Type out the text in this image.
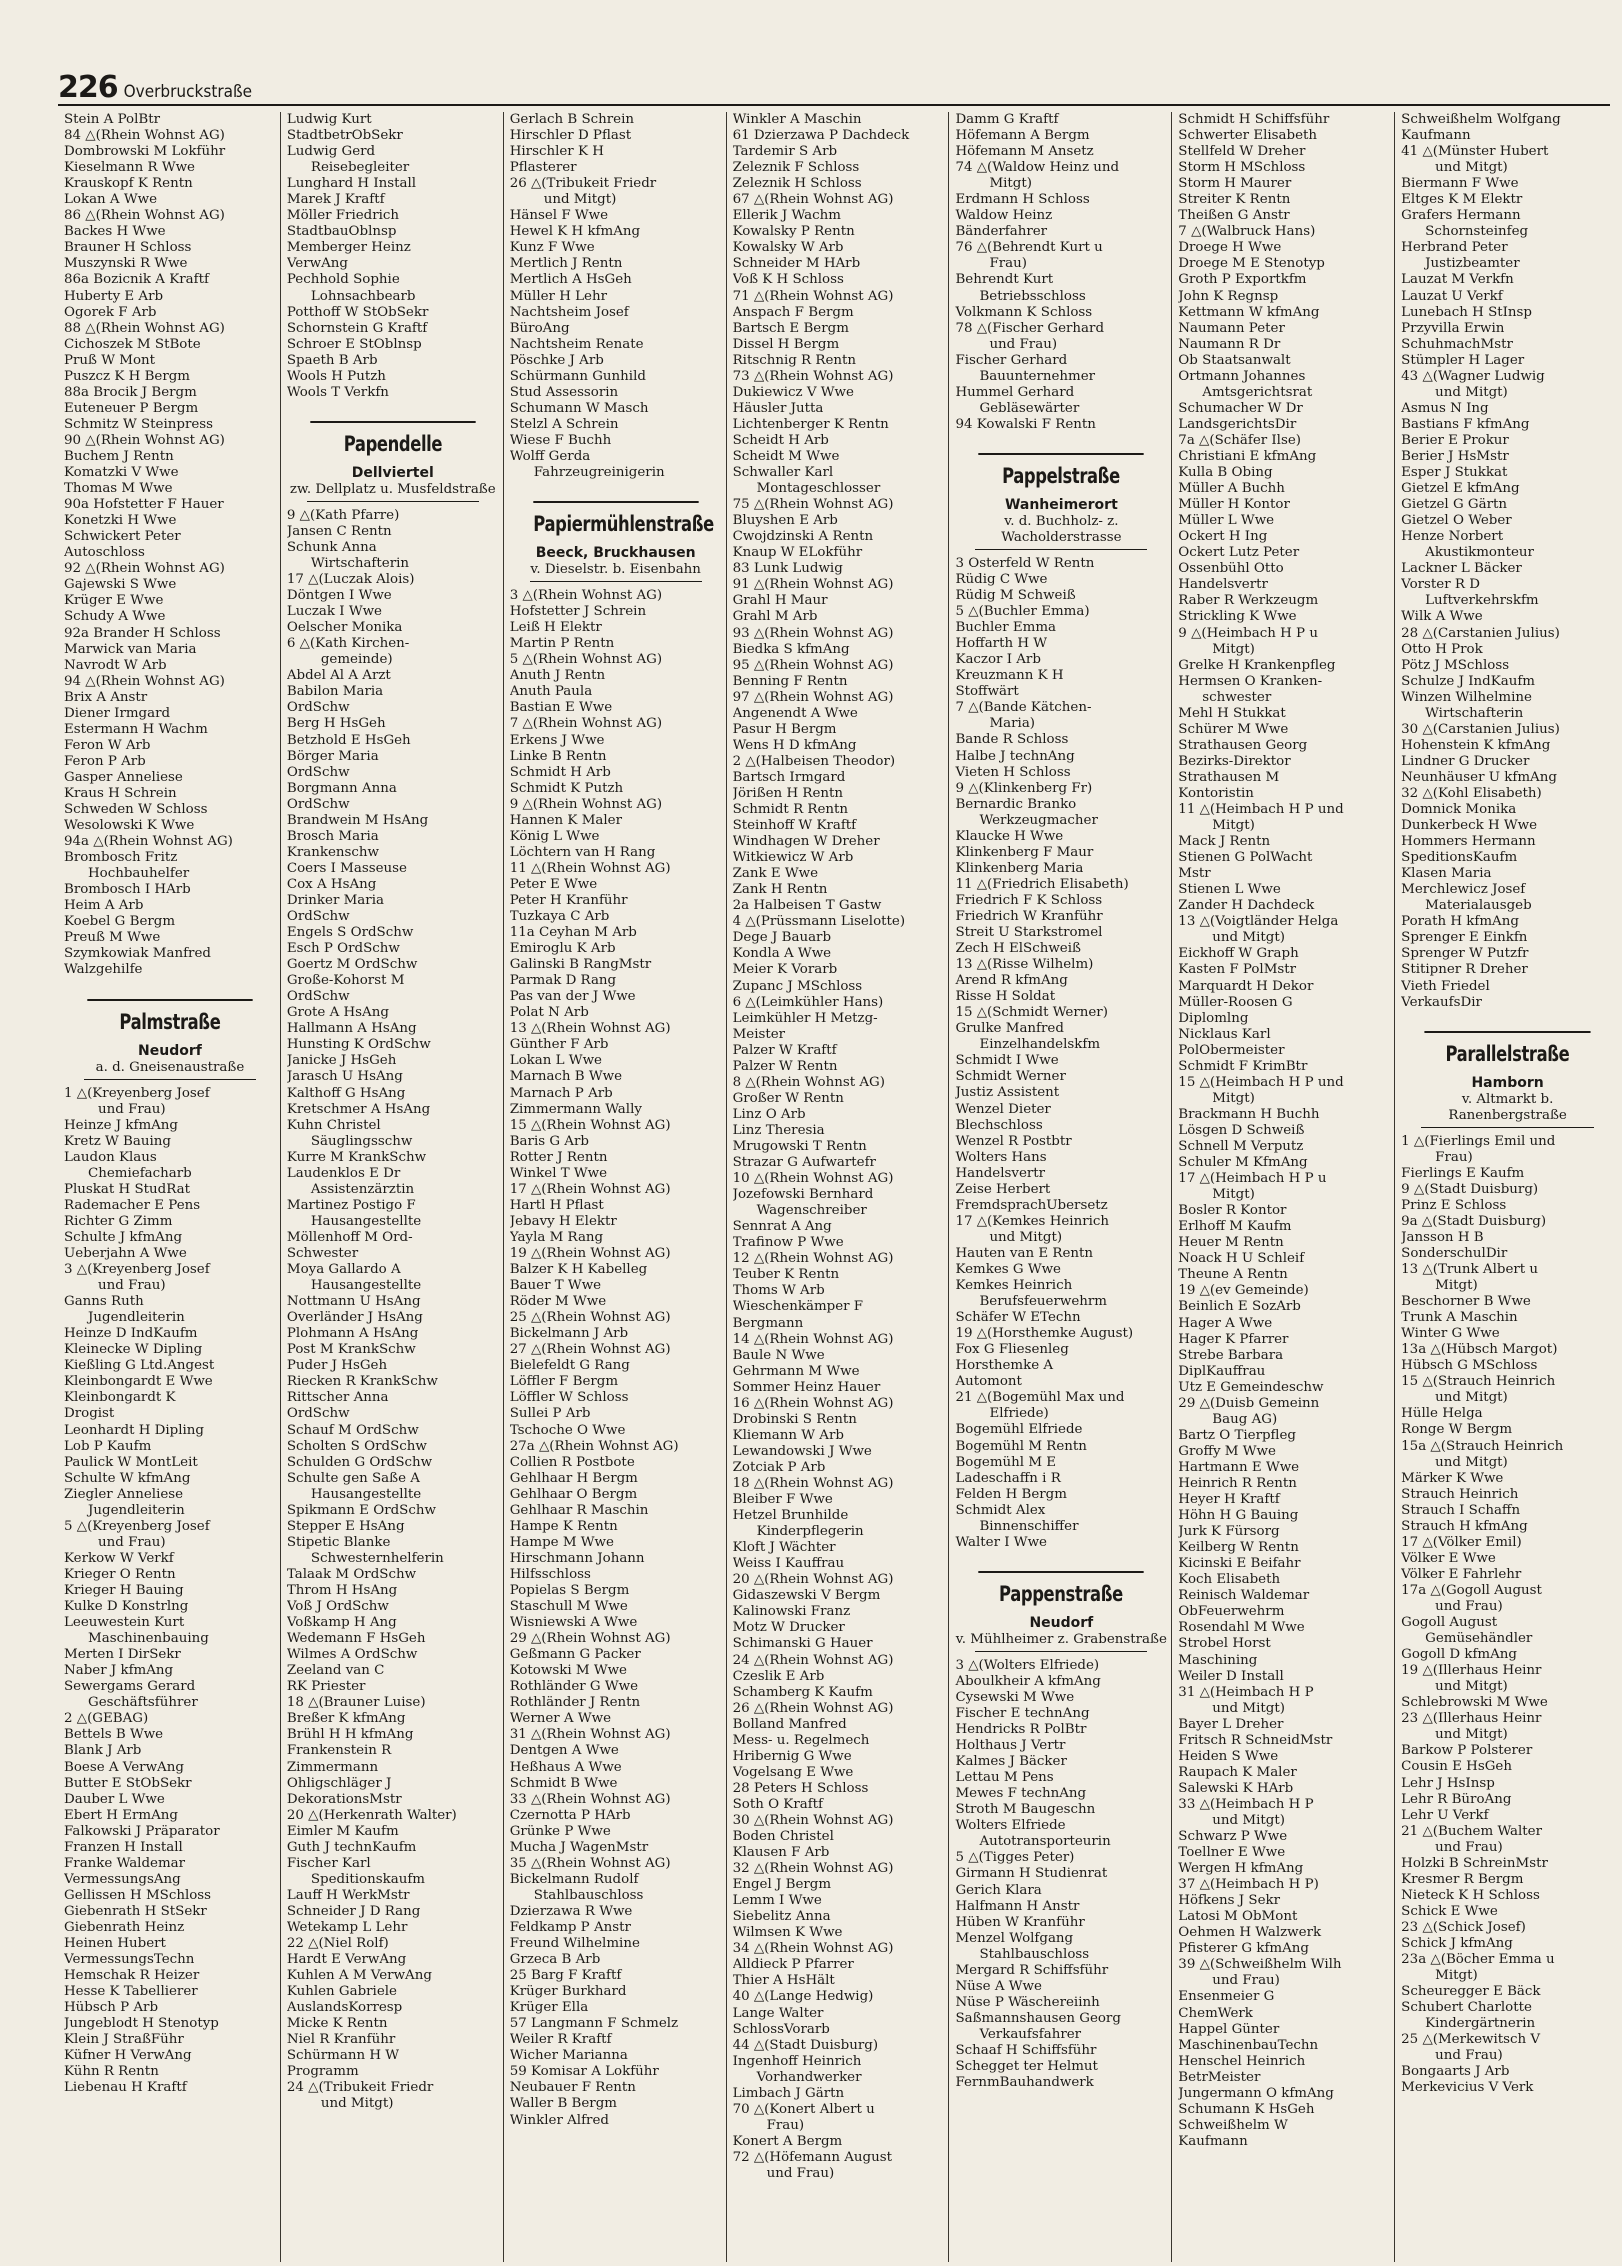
226 Overbruckstraße
Stein A PolBtr
84 △(Rhein Wohnst AG)
Dombrowski M Lokführ
Kieselmann R Wwe
Krauskopf K Rentn
Lokan A Wwe
86 △(Rhein Wohnst AG)
Backes H Wwe
Brauner H Schloss
Muszynski R Wwe
86a Bozicnik A Kraftf
Huberty E Arb
Ogorek F Arb
88 △(Rhein Wohnst AG)
Cichoszek M StBote
Pruß W Mont
Puszcz K H Bergm
88a Brocik J Bergm
Euteneuer P Bergm
Schmitz W Steinpress
90 △(Rhein Wohnst AG)
Buchem J Rentn
Komatzki V Wwe
Thomas M Wwe
90a Hofstetter F Hauer
Konetzki H Wwe
Schwickert Peter
Autoschloss
92 △(Rhein Wohnst AG)
Gajewski S Wwe
Krüger E Wwe
Schudy A Wwe
92a Brander H Schloss
Marwick van Maria
Navrodt W Arb
94 △(Rhein Wohnst AG)
Brix A Anstr
Diener Irmgard
Estermann H Wachm
Feron W Arb
Feron P Arb
Gasper Anneliese
Kraus H Schrein
Schweden W Schloss
Wesolowski K Wwe
94a △(Rhein Wohnst AG)
Brombosch Fritz
Hochbauhelfer
Brombosch I HArb
Heim A Arb
Koebel G Bergm
Preuß M Wwe
Szymkowiak Manfred
Walzgehilfe
Palmstraße
Neudorf
a. d. Gneisenaustraße
1 △(Kreyenberg Josef
und Frau)
Heinze J kfmAng
Kretz W Bauing
Laudon Klaus
Chemiefacharb
Pluskat H StudRat
Rademacher E Pens
Richter G Zimm
Schulte J kfmAng
Ueberjahn A Wwe
3 △(Kreyenberg Josef
und Frau)
Ganns Ruth
Jugendleiterin
Heinze D IndKaufm
Kleinecke W Dipling
Kießling G Ltd.Angest
Kleinbongardt E Wwe
Kleinbongardt K
Drogist
Leonhardt H Dipling
Lob P Kaufm
Paulick W MontLeit
Schulte W kfmAng
Ziegler Anneliese
Jugendleiterin
5 △(Kreyenberg Josef
und Frau)
Kerkow W Verkf
Krieger O Rentn
Krieger H Bauing
Kulke D Konstrlng
Leeuwestein Kurt
Maschinenbauing
Merten I DirSekr
Naber J kfmAng
Sewergams Gerard
Geschäftsführer
2 △(GEBAG)
Bettels B Wwe
Blank J Arb
Boese A VerwAng
Butter E StObSekr
Dauber L Wwe
Ebert H ErmAng
Falkowski J Präparator
Franzen H Install
Franke Waldemar
VermessungsAng
Gellissen H MSchloss
Giebenrath H StSekr
Giebenrath Heinz
Heinen Hubert
VermessungsTechn
Hemschak R Heizer
Hesse K Tabellierer
Hübsch P Arb
Jungeblodt H Stenotyp
Klein J StraßFühr
Küfner H VerwAng
Kühn R Rentn
Liebenau H Kraftf
Ludwig Kurt
StadtbetrObSekr
Ludwig Gerd
Reisebegleiter
Lunghard H Install
Marek J Kraftf
Möller Friedrich
StadtbauOblnsp
Memberger Heinz
VerwAng
Pechhold Sophie
Lohnsachbearb
Potthoff W StObSekr
Schornstein G Kraftf
Schroer E StOblnsp
Spaeth B Arb
Wools H Putzh
Wools T Verkfn
Papendelle
Dellviertel
zw. Dellplatz u. Musfeldstraße
9 △(Kath Pfarre)
Jansen C Rentn
Schunk Anna
Wirtschafterin
17 △(Luczak Alois)
Döntgen I Wwe
Luczak I Wwe
Oelscher Monika
6 △(Kath Kirchen-
gemeinde)
Abdel Al A Arzt
Babilon Maria
OrdSchw
Berg H HsGeh
Betzhold E HsGeh
Börger Maria
OrdSchw
Borgmann Anna
OrdSchw
Brandwein M HsAng
Brosch Maria
Krankenschw
Coers I Masseuse
Cox A HsAng
Drinker Maria
OrdSchw
Engels S OrdSchw
Esch P OrdSchw
Goertz M OrdSchw
Große-Kohorst M
OrdSchw
Grote A HsAng
Hallmann A HsAng
Hunsting K OrdSchw
Janicke J HsGeh
Jarasch U HsAng
Kalthoff G HsAng
Kretschmer A HsAng
Kuhn Christel
Säuglingsschw
Kurre M KrankSchw
Laudenklos E Dr
Assistenzärztin
Martinez Postigo F
Hausangestellte
Möllenhoff M Ord-
Schwester
Moya Gallardo A
Hausangestellte
Nottmann U HsAng
Overländer J HsAng
Plohmann A HsAng
Post M KrankSchw
Puder J HsGeh
Riecken R KrankSchw
Rittscher Anna
OrdSchw
Schauf M OrdSchw
Scholten S OrdSchw
Schulden G OrdSchw
Schulte gen Saße A
Hausangestellte
Spikmann E OrdSchw
Stepper E HsAng
Stipetic Blanke
Schwesternhelferin
Talaak M OrdSchw
Throm H HsAng
Voß J OrdSchw
Voßkamp H Ang
Wedemann F HsGeh
Wilmes A OrdSchw
Zeeland van C
RK Priester
18 △(Brauner Luise)
Breßer K kfmAng
Brühl H H kfmAng
Frankenstein R
Zimmermann
Ohligschläger J
DekorationsMstr
20 △(Herkenrath Walter)
Eimler M Kaufm
Guth J technKaufm
Fischer Karl
Speditionskaufm
Lauff H WerkMstr
Schneider J D Rang
Wetekamp L Lehr
22 △(Niel Rolf)
Hardt E VerwAng
Kuhlen A M VerwAng
Kuhlen Gabriele
AuslandsKorresp
Micke K Rentn
Niel R Kranführ
Schürmann H W
Programm
24 △(Tribukeit Friedr
und Mitgt)
Gerlach B Schrein
Hirschler D Pflast
Hirschler K H
Pflasterer
26 △(Tribukeit Friedr
und Mitgt)
Hänsel F Wwe
Hewel K H kfmAng
Kunz F Wwe
Mertlich J Rentn
Mertlich A HsGeh
Müller H Lehr
Nachtsheim Josef
BüroAng
Nachtsheim Renate
Pöschke J Arb
Schürmann Gunhild
Stud Assessorin
Schumann W Masch
Stelzl A Schrein
Wiese F Buchh
Wolff Gerda
Fahrzeugreinigerin
Papiermühlenstraße
Beeck, Bruckhausen
v. Dieselstr. b. Eisenbahn
3 △(Rhein Wohnst AG)
Hofstetter J Schrein
Leiß H Elektr
Martin P Rentn
5 △(Rhein Wohnst AG)
Anuth J Rentn
Anuth Paula
Bastian E Wwe
7 △(Rhein Wohnst AG)
Erkens J Wwe
Linke B Rentn
Schmidt H Arb
Schmidt K Putzh
9 △(Rhein Wohnst AG)
Hannen K Maler
König L Wwe
Löchtern van H Rang
11 △(Rhein Wohnst AG)
Peter E Wwe
Peter H Kranführ
Tuzkaya C Arb
11a Ceyhan M Arb
Emiroglu K Arb
Galinski B RangMstr
Parmak D Rang
Pas van der J Wwe
Polat N Arb
13 △(Rhein Wohnst AG)
Günther F Arb
Lokan L Wwe
Marnach B Wwe
Marnach P Arb
Zimmermann Wally
15 △(Rhein Wohnst AG)
Baris G Arb
Rotter J Rentn
Winkel T Wwe
17 △(Rhein Wohnst AG)
Hartl H Pflast
Jebavy H Elektr
Yayla M Rang
19 △(Rhein Wohnst AG)
Balzer K H Kabelleg
Bauer T Wwe
Röder M Wwe
25 △(Rhein Wohnst AG)
Bickelmann J Arb
27 △(Rhein Wohnst AG)
Bielefeldt G Rang
Löffler F Bergm
Löffler W Schloss
Sullei P Arb
Tschoche O Wwe
27a △(Rhein Wohnst AG)
Collien R Postbote
Gehlhaar H Bergm
Gehlhaar O Bergm
Gehlhaar R Maschin
Hampe K Rentn
Hampe M Wwe
Hirschmann Johann
Hilfsschloss
Popielas S Bergm
Staschull M Wwe
Wisniewski A Wwe
29 △(Rhein Wohnst AG)
Geßmann G Packer
Kotowski M Wwe
Rothländer G Wwe
Rothländer J Rentn
Werner A Wwe
31 △(Rhein Wohnst AG)
Dentgen A Wwe
Heßhaus A Wwe
Schmidt B Wwe
33 △(Rhein Wohnst AG)
Czernotta P HArb
Grünke P Wwe
Mucha J WagenMstr
35 △(Rhein Wohnst AG)
Bickelmann Rudolf
Stahlbauschloss
Dzierzawa R Wwe
Feldkamp P Anstr
Freund Wilhelmine
Grzeca B Arb
25 Barg F Kraftf
Krüger Burkhard
Krüger Ella
57 Langmann F Schmelz
Weiler R Kraftf
Wicher Marianna
59 Komisar A Lokführ
Neubauer F Rentn
Waller B Bergm
Winkler Alfred
Winkler A Maschin
61 Dzierzawa P Dachdeck
Tardemir S Arb
Zeleznik F Schloss
Zeleznik H Schloss
67 △(Rhein Wohnst AG)
Ellerik J Wachm
Kowalsky P Rentn
Kowalsky W Arb
Schneider M HArb
Voß K H Schloss
71 △(Rhein Wohnst AG)
Anspach F Bergm
Bartsch E Bergm
Dissel H Bergm
Ritschnig R Rentn
73 △(Rhein Wohnst AG)
Dukiewicz V Wwe
Häusler Jutta
Lichtenberger K Rentn
Scheidt H Arb
Scheidt M Wwe
Schwaller Karl
Montageschlosser
75 △(Rhein Wohnst AG)
Bluyshen E Arb
Cwojdzinski A Rentn
Knaup W ELokführ
83 Lunk Ludwig
91 △(Rhein Wohnst AG)
Grahl H Maur
Grahl M Arb
93 △(Rhein Wohnst AG)
Biedka S kfmAng
95 △(Rhein Wohnst AG)
Benning F Rentn
97 △(Rhein Wohnst AG)
Angenendt A Wwe
Pasur H Bergm
Wens H D kfmAng
2 △(Halbeisen Theodor)
Bartsch Irmgard
Jörißen H Rentn
Schmidt R Rentn
Steinhoff W Kraftf
Windhagen W Dreher
Witkiewicz W Arb
Zank E Wwe
Zank H Rentn
2a Halbeisen T Gastw
4 △(Prüssmann Liselotte)
Dege J Bauarb
Kondla A Wwe
Meier K Vorarb
Zupanc J MSchloss
6 △(Leimkühler Hans)
Leimkühler H Metzg-
Meister
Palzer W Kraftf
Palzer W Rentn
8 △(Rhein Wohnst AG)
Großer W Rentn
Linz O Arb
Linz Theresia
Mrugowski T Rentn
Strazar G Aufwartefr
10 △(Rhein Wohnst AG)
Jozefowski Bernhard
Wagenschreiber
Sennrat A Ang
Trafinow P Wwe
12 △(Rhein Wohnst AG)
Teuber K Rentn
Thoms W Arb
Wieschenkämper F
Bergmann
14 △(Rhein Wohnst AG)
Baule N Wwe
Gehrmann M Wwe
Sommer Heinz Hauer
16 △(Rhein Wohnst AG)
Drobinski S Rentn
Kliemann W Arb
Lewandowski J Wwe
Zotciak P Arb
18 △(Rhein Wohnst AG)
Bleiber F Wwe
Hetzel Brunhilde
Kinderpflegerin
Kloft J Wächter
Weiss I Kauffrau
20 △(Rhein Wohnst AG)
Gidaszewski V Bergm
Kalinowski Franz
Motz W Drucker
Schimanski G Hauer
24 △(Rhein Wohnst AG)
Czeslik E Arb
Schamberg K Kaufm
26 △(Rhein Wohnst AG)
Bolland Manfred
Mess- u. Regelmech
Hribernig G Wwe
Vogelsang E Wwe
28 Peters H Schloss
Soth O Kraftf
30 △(Rhein Wohnst AG)
Boden Christel
Klausen F Arb
32 △(Rhein Wohnst AG)
Engel J Bergm
Lemm I Wwe
Siebelitz Anna
Wilmsen K Wwe
34 △(Rhein Wohnst AG)
Alldieck P Pfarrer
Thier A HsHält
40 △(Lange Hedwig)
Lange Walter
SchlossVorarb
44 △(Stadt Duisburg)
Ingenhoff Heinrich
Vorhandwerker
Limbach J Gärtn
70 △(Konert Albert u
Frau)
Konert A Bergm
72 △(Höfemann August
und Frau)
Damm G Kraftf
Höfemann A Bergm
Höfemann M Ansetz
74 △(Waldow Heinz und
Mitgt)
Erdmann H Schloss
Waldow Heinz
Bänderfahrer
76 △(Behrendt Kurt u
Frau)
Behrendt Kurt
Betriebsschloss
Volkmann K Schloss
78 △(Fischer Gerhard
und Frau)
Fischer Gerhard
Bauunternehmer
Hummel Gerhard
Gebläsewärter
94 Kowalski F Rentn
Pappelstraße
Wanheimerort
v. d. Buchholz- z. Wacholderstrasse
3 Osterfeld W Rentn
Rüdig C Wwe
Rüdig M Schweiß
5 △(Buchler Emma)
Buchler Emma
Hoffarth H W
Kaczor I Arb
Kreuzmann K H
Stoffwärt
7 △(Bande Kätchen-
Maria)
Bande R Schloss
Halbe J technAng
Vieten H Schloss
9 △(Klinkenberg Fr)
Bernardic Branko
Werkzeugmacher
Klaucke H Wwe
Klinkenberg F Maur
Klinkenberg Maria
11 △(Friedrich Elisabeth)
Friedrich F K Schloss
Friedrich W Kranführ
Streit U Starkstromel
Zech H ElSchweiß
13 △(Risse Wilhelm)
Arend R kfmAng
Risse H Soldat
15 △(Schmidt Werner)
Grulke Manfred
Einzelhandelskfm
Schmidt I Wwe
Schmidt Werner
Justiz Assistent
Wenzel Dieter
Blechschloss
Wenzel R Postbtr
Wolters Hans
Handelsvertr
Zeise Herbert
FremdsprachÜbersetz
17 △(Kemkes Heinrich
und Mitgt)
Hauten van E Rentn
Kemkes G Wwe
Kemkes Heinrich
Berufsfeuerwehrm
Schäfer W ETechn
19 △(Horsthemke August)
Fox G Fliesenleg
Horsthemke A
Automont
21 △(Bogemühl Max und
Elfriede)
Bogemühl Elfriede
Bogemühl M Rentn
Bogemühl M E
Ladeschaffn i R
Felden H Bergm
Schmidt Alex
Binnenschiffer
Walter I Wwe
Pappenstraße
Neudorf
v. Mühlheimer z. Grabenstraße
3 △(Wolters Elfriede)
Aboulkheir A kfmAng
Cysewski M Wwe
Fischer E technAng
Hendricks R PolBtr
Holthaus J Vertr
Kalmes J Bäcker
Lettau M Pens
Mewes F technAng
Stroth M Baugeschn
Wolters Elfriede
Autotransporteurin
5 △(Tigges Peter)
Girmann H Studienrat
Gerich Klara
Halfmann H Anstr
Hüben W Kranführ
Menzel Wolfgang
Stahlbauschloss
Mergard R Schiffsführ
Nüse A Wwe
Nüse P Wäschereiinh
Saßmannshausen Georg
Verkaufsfahrer
Schaaf H Schiffsführ
Schegget ter Helmut
FernmBauhandwerk
Schmidt H Schiffsführ
Schwerter Elisabeth
Stellfeld W Dreher
Storm H MSchloss
Storm H Maurer
Streiter K Rentn
Theißen G Anstr
7 △(Walbruck Hans)
Droege H Wwe
Droege M E Stenotyp
Groth P Exportkfm
John K Regnsp
Kettmann W kfmAng
Naumann Peter
Naumann R Dr
Ob Staatsanwalt
Ortmann Johannes
Amtsgerichtsrat
Schumacher W Dr
LandsgerichtsDir
7a △(Schäfer Ilse)
Christiani E kfmAng
Kulla B Obing
Müller A Buchh
Müller H Kontor
Müller L Wwe
Ockert H Ing
Ockert Lutz Peter
Ossenbühl Otto
Handelsvertr
Raber R Werkzeugm
Strickling K Wwe
9 △(Heimbach H P u
Mitgt)
Grelke H Krankenpfleg
Hermsen O Kranken-
schwester
Mehl H Stukkat
Schürer M Wwe
Strathausen Georg
Bezirks-Direktor
Strathausen M
Kontoristin
11 △(Heimbach H P und
Mitgt)
Mack J Rentn
Stienen G PolWacht
Mstr
Stienen L Wwe
Zander H Dachdeck
13 △(Voigtländer Helga
und Mitgt)
Eickhoff W Graph
Kasten F PolMstr
Marquardt H Dekor
Müller-Roosen G
Diplomlng
Nicklaus Karl
PolObermeister
Schmidt F KrimBtr
15 △(Heimbach H P und
Mitgt)
Brackmann H Buchh
Lösgen D Schweiß
Schnell M Verputz
Schuler M KfmAng
17 △(Heimbach H P u
Mitgt)
Bosler R Kontor
Erlhoff M Kaufm
Heuer M Rentn
Noack H U Schleif
Theune A Rentn
19 △(ev Gemeinde)
Beinlich E SozArb
Hager A Wwe
Hager K Pfarrer
Strebe Barbara
DiplKauffrau
Utz E Gemeindeschw
29 △(Duisb Gemeinn
Baug AG)
Bartz O Tierpfleg
Groffy M Wwe
Hartmann E Wwe
Heinrich R Rentn
Heyer H Kraftf
Höhn H G Bauing
Jurk K Fürsorg
Keilberg W Rentn
Kicinski E Beifahr
Koch Elisabeth
Reinisch Waldemar
ObFeuerwehrm
Rosendahl M Wwe
Strobel Horst
Maschining
Weiler D Install
31 △(Heimbach H P
und Mitgt)
Bayer L Dreher
Fritsch R SchneidMstr
Heiden S Wwe
Raupach K Maler
Salewski K HArb
33 △(Heimbach H P
und Mitgt)
Schwarz P Wwe
Toellner E Wwe
Wergen H kfmAng
37 △(Heimbach H P)
Höfkens J Sekr
Latosi M ObMont
Oehmen H Walzwerk
Pfisterer G kfmAng
39 △(Schweißhelm Wilh
und Frau)
Ensenmeier G
ChemWerk
Happel Günter
MaschinenbauTechn
Henschel Heinrich
BetrMeister
Jungermann O kfmAng
Schumann K HsGeh
Schweißhelm W
Kaufmann
Schweißhelm Wolfgang
Kaufmann
41 △(Münster Hubert
und Mitgt)
Biermann F Wwe
Eltges K M Elektr
Grafers Hermann
Schornsteinfeg
Herbrand Peter
Justizbeamter
Lauzat M Verkfn
Lauzat U Verkf
Lunebach H StInsp
Przyvilla Erwin
SchuhmachMstr
Stümpler H Lager
43 △(Wagner Ludwig
und Mitgt)
Asmus N Ing
Bastians F kfmAng
Berier E Prokur
Berier J HsMstr
Esper J Stukkat
Gietzel E kfmAng
Gietzel G Gärtn
Gietzel O Weber
Henze Norbert
Akustikmonteur
Lackner L Bäcker
Vorster R D
Luftverkehrskfm
Wilk A Wwe
28 △(Carstanien Julius)
Otto H Prok
Pötz J MSchloss
Schulze J IndKaufm
Winzen Wilhelmine
Wirtschafterin
30 △(Carstanien Julius)
Hohenstein K kfmAng
Lindner G Drucker
Neunhäuser U kfmAng
32 △(Kohl Elisabeth)
Domnick Monika
Dunkerbeck H Wwe
Hommers Hermann
SpeditionsKaufm
Klasen Maria
Merchlewicz Josef
Materialausgeb
Porath H kfmAng
Sprenger E Einkfn
Sprenger W Putzfr
Stitipner R Dreher
Vieth Friedel
VerkaufsDir
Parallelstraße
Hamborn
v. Altmarkt b. Ranenbergstraße
1 △(Fierlings Emil und
Frau)
Fierlings E Kaufm
9 △(Stadt Duisburg)
Prinz E Schloss
9a △(Stadt Duisburg)
Jansson H B
SonderschulDir
13 △(Trunk Albert u
Mitgt)
Beschorner B Wwe
Trunk A Maschin
Winter G Wwe
13a △(Hübsch Margot)
Hübsch G MSchloss
15 △(Strauch Heinrich
und Mitgt)
Hülle Helga
Ronge W Bergm
15a △(Strauch Heinrich
und Mitgt)
Märker K Wwe
Strauch Heinrich
Strauch I Schaffn
Strauch H kfmAng
17 △(Völker Emil)
Völker E Wwe
Völker E Fahrlehr
17a △(Gogoll August
und Frau)
Gogoll August
Gemüsehändler
Gogoll D kfmAng
19 △(Illerhaus Heinr
und Mitgt)
Schlebrowski M Wwe
23 △(Illerhaus Heinr
und Mitgt)
Barkow P Polsterer
Cousin E HsGeh
Lehr J HsInsp
Lehr R BüroAng
Lehr U Verkf
21 △(Buchem Walter
und Frau)
Holzki B SchreinMstr
Kresmer R Bergm
Nieteck K H Schloss
Schick E Wwe
23 △(Schick Josef)
Schick J kfmAng
23a △(Böcher Emma u
Mitgt)
Scheuregger E Bäck
Schubert Charlotte
Kindergärtnerin
25 △(Merkewitsch V
und Frau)
Bongaarts J Arb
Merkevicius V Verk
